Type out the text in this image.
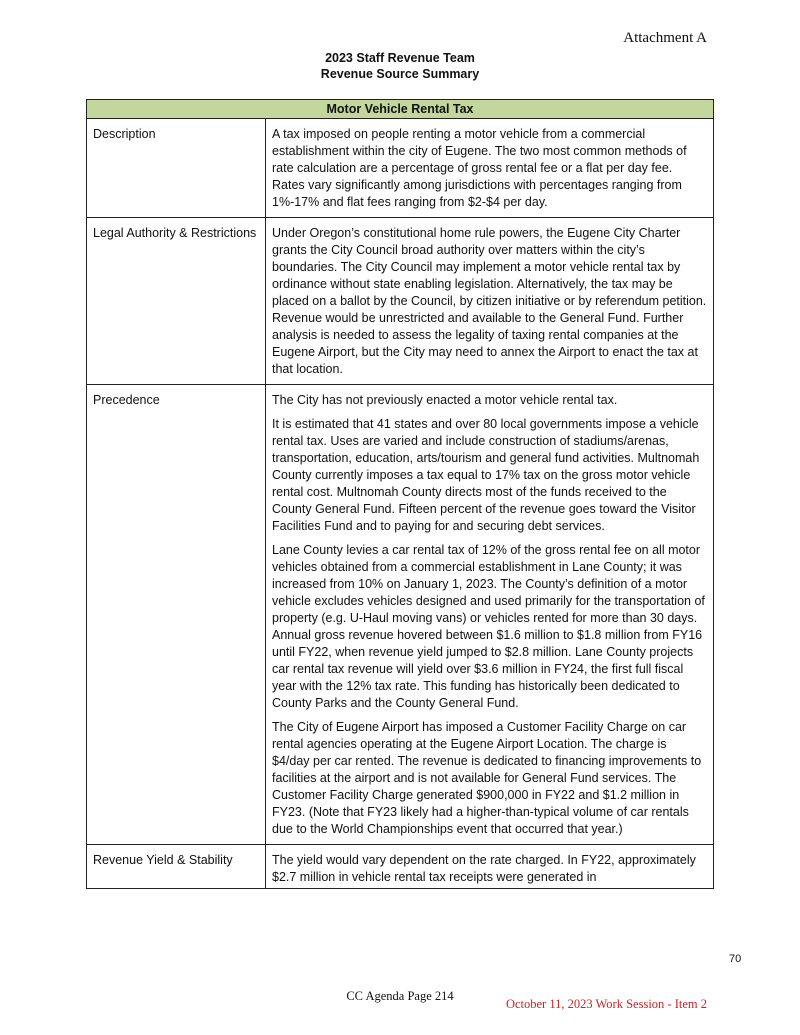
Attachment A
2023 Staff Revenue Team
Revenue Source Summary
Motor Vehicle Rental Tax	
Description	A tax imposed on people renting a motor vehicle from a commercial establishment within the city of Eugene. The two most common methods of rate calculation are a percentage of gross rental fee or a flat per day fee. Rates vary significantly among jurisdictions with percentages ranging from 1%-17% and flat fees ranging from $2-$4 per day.

Legal Authority & Restrictions	Under Oregon’s constitutional home rule powers, the Eugene City Charter grants the City Council broad authority over matters within the city’s boundaries. The City Council may implement a motor vehicle rental tax by ordinance without state enabling legislation. Alternatively, the tax may be placed on a ballot by the Council, by citizen initiative or by referendum petition. Revenue would be unrestricted and available to the General Fund. Further analysis is needed to assess the legality of taxing rental companies at the Eugene Airport, but the City may need to annex the Airport to enact the tax at that location.

Precedence	The City has not previously enacted a motor vehicle rental tax.

It is estimated that 41 states and over 80 local governments impose a vehicle rental tax. Uses are varied and include construction of stadiums/arenas, transportation, education, arts/tourism and general fund activities. Multnomah County currently imposes a tax equal to 17% tax on the gross motor vehicle rental cost. Multnomah County directs most of the funds received to the County General Fund. Fifteen percent of the revenue goes toward the Visitor Facilities Fund and to paying for and securing debt services.

Lane County levies a car rental tax of 12% of the gross rental fee on all motor vehicles obtained from a commercial establishment in Lane County; it was increased from 10% on January 1, 2023. The County’s definition of a motor vehicle excludes vehicles designed and used primarily for the transportation of property (e.g. U-Haul moving vans) or vehicles rented for more than 30 days. Annual gross revenue hovered between $1.6 million to $1.8 million from FY16 until FY22, when revenue yield jumped to $2.8 million. Lane County projects car rental tax revenue will yield over $3.6 million in FY24, the first full fiscal year with the 12% tax rate. This funding has historically been dedicated to County Parks and the County General Fund.

The City of Eugene Airport has imposed a Customer Facility Charge on car rental agencies operating at the Eugene Airport Location. The charge is $4/day per car rented. The revenue is dedicated to financing improvements to facilities at the airport and is not available for General Fund services. The Customer Facility Charge generated $900,000 in FY22 and $1.2 million in FY23. (Note that FY23 likely had a higher-than-typical volume of car rentals due to the World Championships event that occurred that year.)

Revenue Yield & Stability	The yield would vary dependent on the rate charged. In FY22, approximately $2.7 million in vehicle rental tax receipts were generated in

70
CC Agenda Page 214
October 11, 2023 Work Session - Item 2
